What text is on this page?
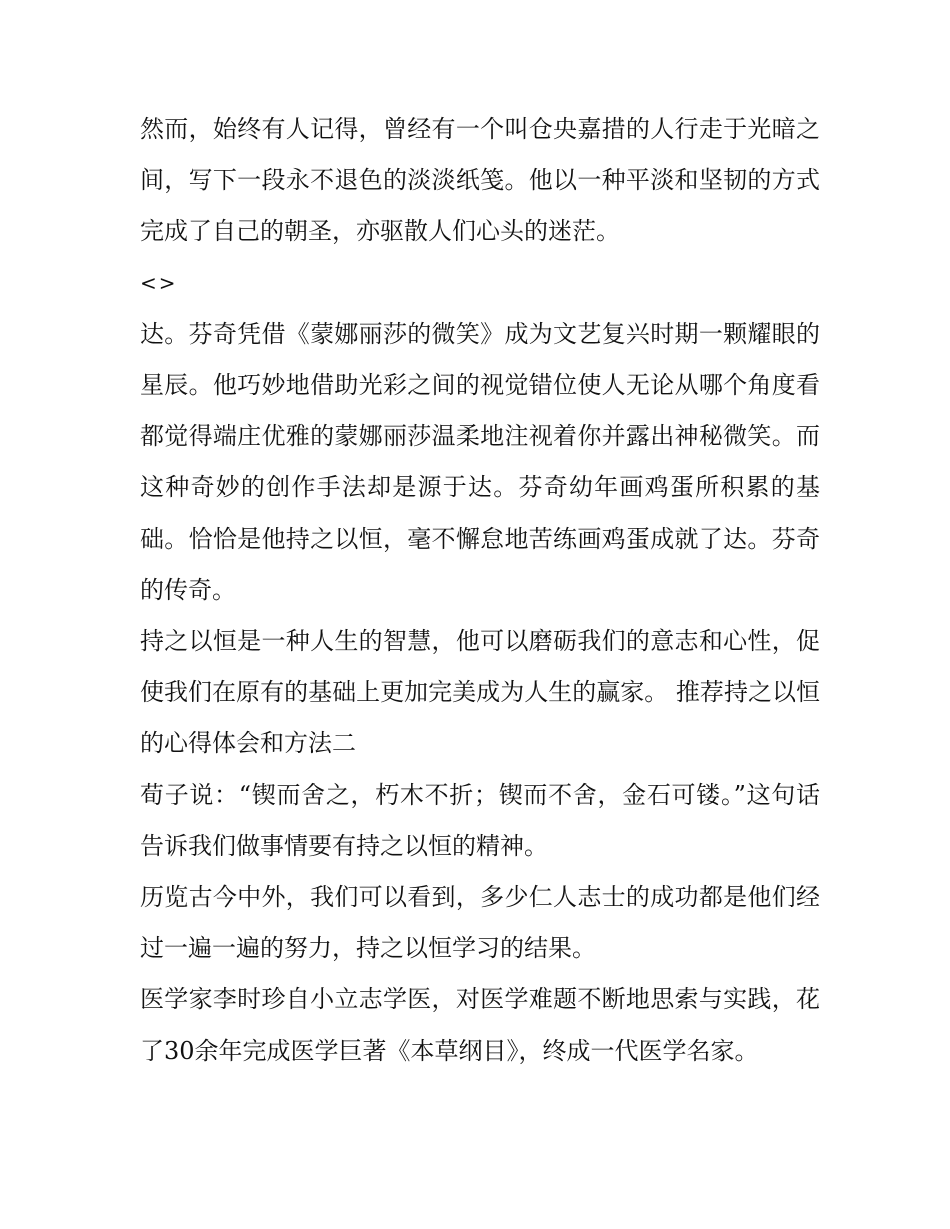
然而，始终有人记得，曾经有一个叫仓央嘉措的人行走于光暗之间，写下一段永不退色的淡淡纸笺。他以一种平淡和坚韧的方式完成了自己的朝圣，亦驱散人们心头的迷茫。

<>

达。芬奇凭借《蒙娜丽莎的微笑》成为文艺复兴时期一颗耀眼的星辰。他巧妙地借助光彩之间的视觉错位使人无论从哪个角度看都觉得端庄优雅的蒙娜丽莎温柔地注视着你并露出神秘微笑。而这种奇妙的创作手法却是源于达。芬奇幼年画鸡蛋所积累的基础。恰恰是他持之以恒，毫不懈怠地苦练画鸡蛋成就了达。芬奇的传奇。

持之以恒是一种人生的智慧，他可以磨砺我们的意志和心性，促使我们在原有的基础上更加完美成为人生的赢家。 推荐持之以恒的心得体会和方法二

荀子说：“锲而舍之，朽木不折；锲而不舍，金石可镂。”这句话告诉我们做事情要有持之以恒的精神。

历览古今中外，我们可以看到，多少仁人志士的成功都是他们经过一遍一遍的努力，持之以恒学习的结果。

医学家李时珍自小立志学医，对医学难题不断地思索与实践，花了30余年完成医学巨著《本草纲目》，终成一代医学名家。
